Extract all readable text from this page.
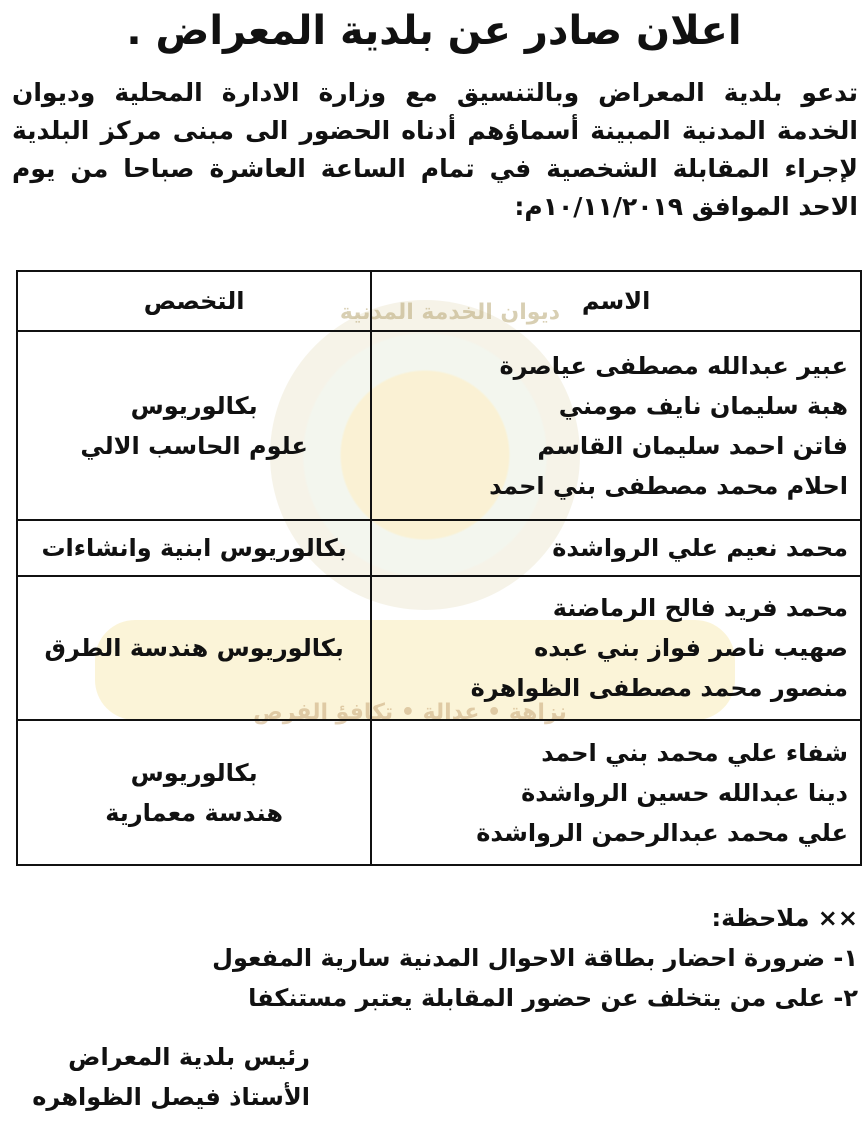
ديوان الخدمة المدنية
نزاهة • عدالة • تكافؤ الفرص
اعلان صادر عن بلدية المعراض .
تدعو بلدية المعراض وبالتنسيق مع وزارة الادارة المحلية وديوان الخدمة المدنية المبينة أسماؤهم أدناه الحضور الى مبنى مركز البلدية لإجراء المقابلة الشخصية في تمام الساعة العاشرة صباحا من يوم الاحد الموافق ١٠/١١/٢٠١٩م:
الاسم	التخصص

عبير عبدالله مصطفى عياصرة
هبة سليمان نايف مومني
فاتن احمد سليمان القاسم
احلام محمد مصطفى بني احمد	بكالوريوس
علوم الحاسب الالي

محمد نعيم علي الرواشدة	بكالوريوس ابنية وانشاءات

محمد فريد فالح الرماضنة
صهيب ناصر فواز بني عبده
منصور محمد مصطفى الظواهرة	بكالوريوس هندسة الطرق

شفاء علي محمد بني احمد
دينا عبدالله حسين الرواشدة
علي محمد عبدالرحمن الرواشدة	بكالوريوس
هندسة معمارية
×× ملاحظة:
١- ضرورة احضار بطاقة الاحوال المدنية سارية المفعول
٢- على من يتخلف عن حضور المقابلة يعتبر مستنكفا
رئيس بلدية المعراض
الأستاذ فيصل الظواهره
